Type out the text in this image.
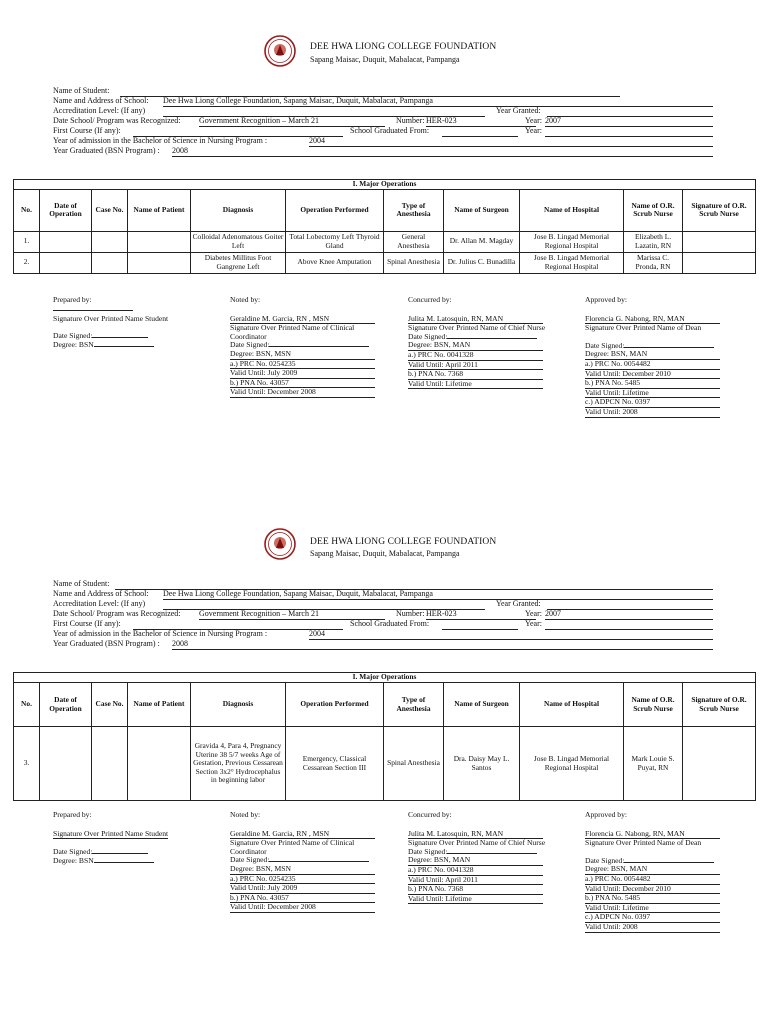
DEE HWA LIONG COLLEGE FOUNDATION
Sapang Maisac, Duquit, Mabalacat, Pampanga
Name of Student:
Name and Address of School: Dee Hwa Liong College Foundation, Sapang Maisac, Duquit, Mabalacat, Pampanga
Accreditation Level: (If any)	Year Granted:
Date School/ Program was Recognized: Government Recognition – March 21	Number: HER-023	Year: 2007
First Course (If any):	School Graduated From:	Year:
Year of admission in the Bachelor of Science in Nursing Program :	2004
Year Graduated (BSN Program) : 2008
I. Major Operations										
No.	Date of Operation	Case No.	Name of Patient	Diagnosis	Operation Performed	Type of Anesthesia	Name of Surgeon	Name of Hospital	Name of O.R. Scrub Nurse	Signature of O.R. Scrub Nurse
1.				Colloidal Adenomatous Goiter Left	Total Lobectomy Left Thyroid Gland	General Anesthesia	Dr. Allan M. Magday	Jose B. Lingad Memorial Regional Hospital	Elizabeth L. Lazatin, RN	
2.				Diabetes Millitus Foot Gangrene Left	Above Knee Amputation	Spinal Anesthesia	Dr. Julius C. Bunadilla	Jose B. Lingad Memorial Regional Hospital	Marissa C. Pronda, RN	
Prepared by:
Signature Over Printed Name Student
Date Signed:
Degree: BSN
Noted by:
Geraldine M. Garcia, RN , MSN
Signature Over Printed Name of Clinical Coordinator
Date Signed:
Degree: BSN, MSN
a.) PRC No. 0254235
Valid Until: July 2009
b.) PNA No. 43057
Valid Until: December 2008
Concurred by:
Julita M. Latosquin, RN, MAN
Signature Over Printed Name of Chief Nurse
Date Signed:
Degree: BSN, MAN
a.) PRC No. 0041328
Valid Until: April 2011
b.) PNA No. 7368
Valid Until: Lifetime
Approved by:
Florencia G. Nabong, RN, MAN
Signature Over Printed Name of Dean
Date Signed:
Degree: BSN, MAN
a.) PRC No. 0054482
Valid Until: December 2010
b.) PNA No. 5485
Valid Until: Lifetime
c.) ADPCN No. 0397
Valid Until: 2008
DEE HWA LIONG COLLEGE FOUNDATION
Sapang Maisac, Duquit, Mabalacat, Pampanga
Name of Student:
Name and Address of School: Dee Hwa Liong College Foundation, Sapang Maisac, Duquit, Mabalacat, Pampanga
Accreditation Level: (If any)	Year Granted:
Date School/ Program was Recognized: Government Recognition – March 21	Number: HER-023	Year: 2007
First Course (If any):	School Graduated From:	Year:
Year of admission in the Bachelor of Science in Nursing Program :	2004
Year Graduated (BSN Program) : 2008
I. Major Operations										
No.	Date of Operation	Case No.	Name of Patient	Diagnosis	Operation Performed	Type of Anesthesia	Name of Surgeon	Name of Hospital	Name of O.R. Scrub Nurse	Signature of O.R. Scrub Nurse
3.				Gravida 4, Para 4, Pregnancy Uterine 38 5/7 weeks Age of Gestation, Previous Cessarean Section 3x2° Hydrocephalus in beginning labor	Emergency, Classical Cessarean Section III	Spinal Anesthesia	Dra. Daisy May L. Santos	Jose B. Lingad Memorial Regional Hospital	Mark Louie S. Puyat, RN	
Prepared by:
Signature Over Printed Name Student
Date Signed:
Degree: BSN
Noted by:
Geraldine M. Garcia, RN , MSN
Signature Over Printed Name of Clinical Coordinator
Date Signed:
Degree: BSN, MSN
a.) PRC No. 0254235
Valid Until: July 2009
b.) PNA No. 43057
Valid Until: December 2008
Concurred by:
Julita M. Latosquin, RN, MAN
Signature Over Printed Name of Chief Nurse
Date Signed:
Degree: BSN, MAN
a.) PRC No. 0041328
Valid Until: April 2011
b.) PNA No. 7368
Valid Until: Lifetime
Approved by:
Florencia G. Nabong, RN, MAN
Signature Over Printed Name of Dean
Date Signed:
Degree: BSN, MAN
a.) PRC No. 0054482
Valid Until: December 2010
b.) PNA No. 5485
Valid Until: Lifetime
c.) ADPCN No. 0397
Valid Until: 2008
